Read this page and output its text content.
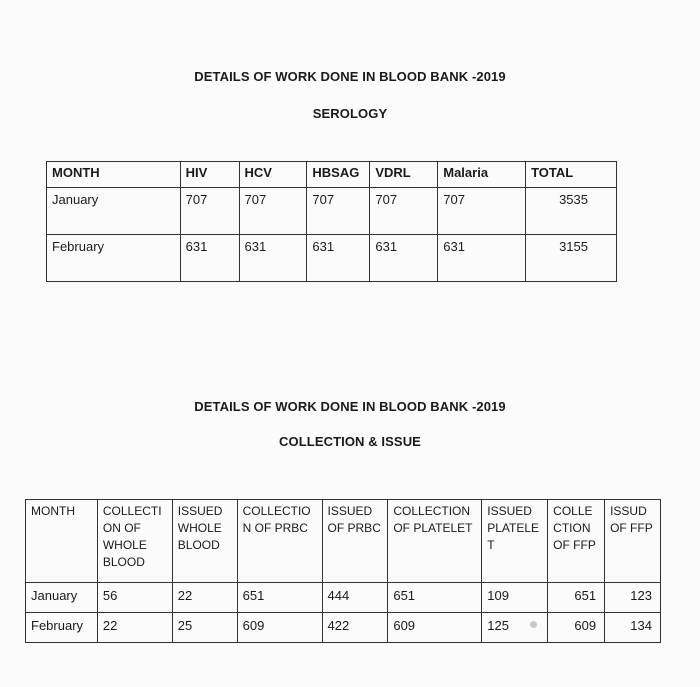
DETAILS OF WORK DONE IN BLOOD BANK -2019
SEROLOGY
MONTH	HIV	HCV	HBSAG	VDRL	Malaria	TOTAL
January	707	707	707	707	707	3535
February	631	631	631	631	631	3155
DETAILS OF WORK DONE IN BLOOD BANK -2019
COLLECTION & ISSUE
MONTH	COLLECTI ON OF WHOLE BLOOD	ISSUED WHOLE BLOOD	COLLECTIO N OF PRBC	ISSUED OF PRBC	COLLECTION OF PLATELET	ISSUED PLATELE T	COLLE CTION OF FFP	ISSUD OF FFP
January	56	22	651	444	651	109	651	123
February	22	25	609	422	609	125	609	134
